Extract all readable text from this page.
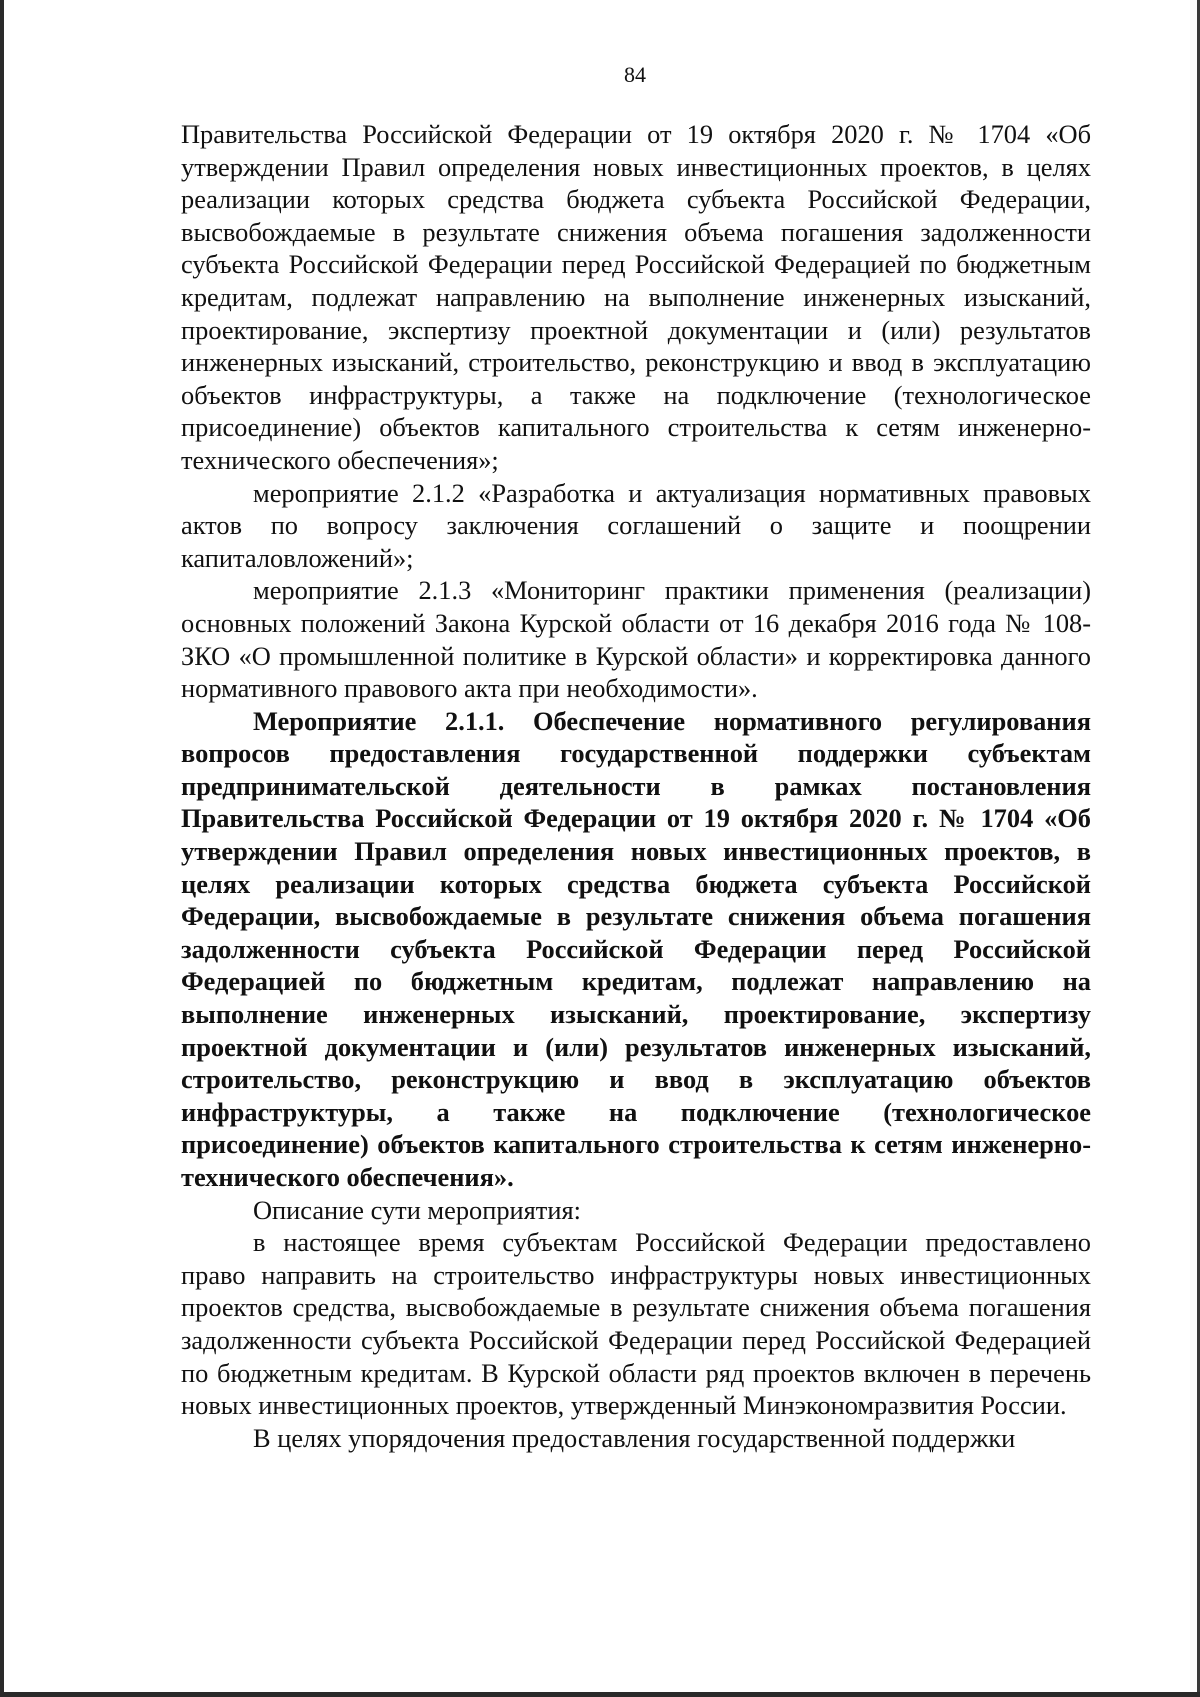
84

Правительства Российской Федерации от 19 октября 2020 г. № 1704 «Об утверждении Правил определения новых инвестиционных проектов, в целях реализации которых средства бюджета субъекта Российской Федерации, высвобождаемые в результате снижения объема погашения задолженности субъекта Российской Федерации перед Российской Федерацией по бюджетным кредитам, подлежат направлению на выполнение инженерных изысканий, проектирование, экспертизу проектной документации и (или) результатов инженерных изысканий, строительство, реконструкцию и ввод в эксплуатацию объектов инфраструктуры, а также на подключение (технологическое присоединение) объектов капитального строительства к сетям инженерно-технического обеспечения»;

мероприятие 2.1.2 «Разработка и актуализация нормативных правовых актов по вопросу заключения соглашений о защите и поощрении капиталовложений»;

мероприятие 2.1.3 «Мониторинг практики применения (реализации) основных положений Закона Курской области от 16 декабря 2016 года № 108-ЗКО «О промышленной политике в Курской области» и корректировка данного нормативного правового акта при необходимости».

Мероприятие 2.1.1. Обеспечение нормативного регулирования вопросов предоставления государственной поддержки субъектам предпринимательской деятельности в рамках постановления Правительства Российской Федерации от 19 октября 2020 г. № 1704 «Об утверждении Правил определения новых инвестиционных проектов, в целях реализации которых средства бюджета субъекта Российской Федерации, высвобождаемые в результате снижения объема погашения задолженности субъекта Российской Федерации перед Российской Федерацией по бюджетным кредитам, подлежат направлению на выполнение инженерных изысканий, проектирование, экспертизу проектной документации и (или) результатов инженерных изысканий, строительство, реконструкцию и ввод в эксплуатацию объектов инфраструктуры, а также на подключение (технологическое присоединение) объектов капитального строительства к сетям инженерно-технического обеспечения».

Описание сути мероприятия:

в настоящее время субъектам Российской Федерации предоставлено право направить на строительство инфраструктуры новых инвестиционных проектов средства, высвобождаемые в результате снижения объема погашения задолженности субъекта Российской Федерации перед Российской Федерацией по бюджетным кредитам. В Курской области ряд проектов включен в перечень новых инвестиционных проектов, утвержденный Минэкономразвития России.

В целях упорядочения предоставления государственной поддержки
